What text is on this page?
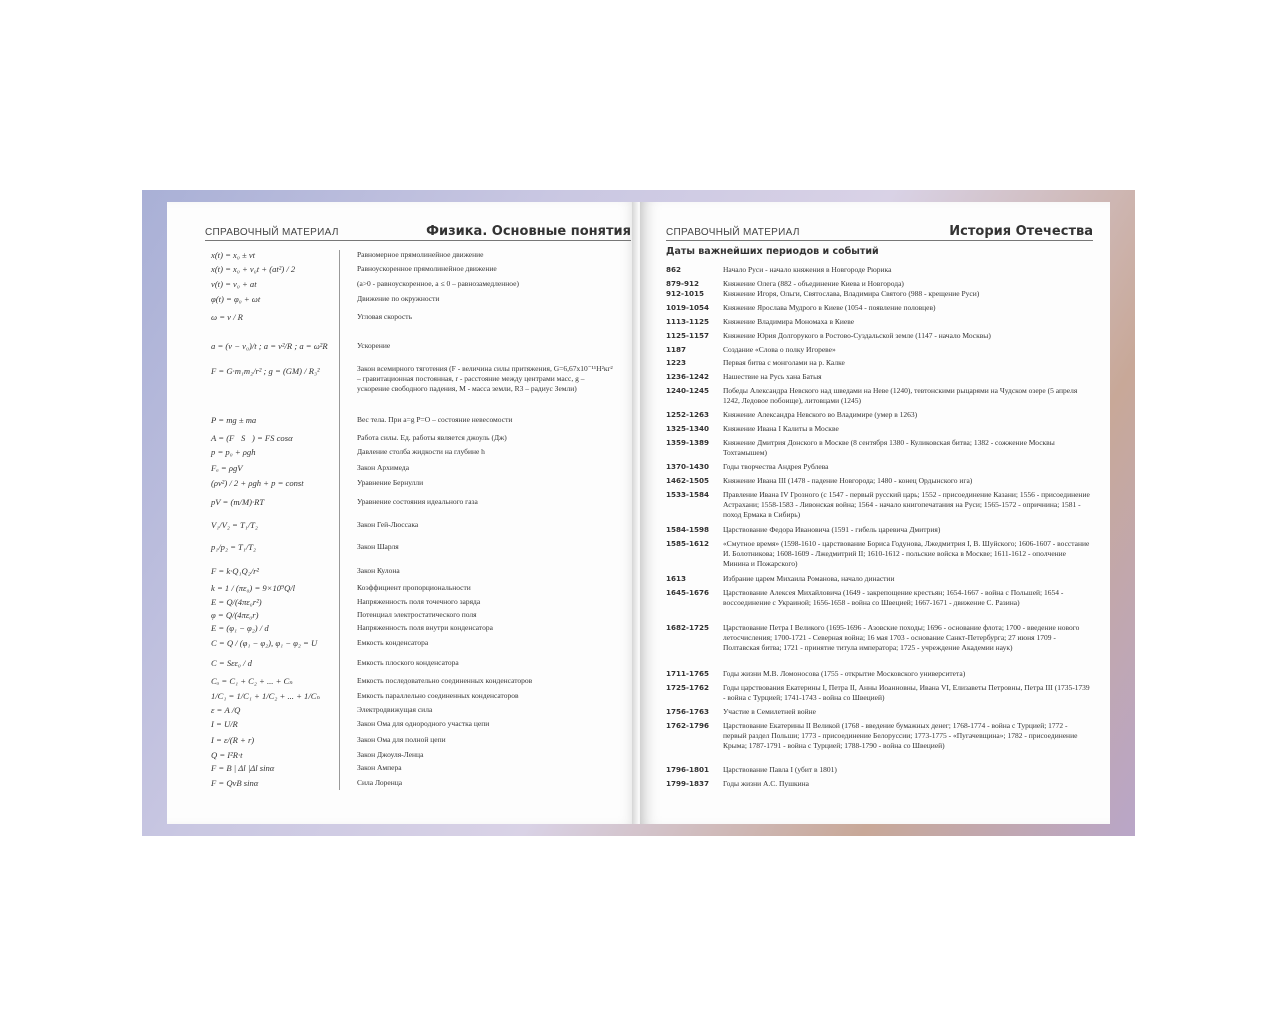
СПРАВОЧНЫЙ МАТЕРИАЛ	Физика. Основные понятия
x(t) = x₀ ± vt	Равномерное прямолинейное движение
x(t) = x₀ + v₀t + (at²) / 2	Равноускоренное прямолинейное движение
v(t) = v₀ + at	(a>0 - равноускоренное, a ≤ 0 – равнозамедленное)
φ(t) = φ₀ + ωt	Движение по окружности
ω = v / R	Угловая скорость
a = (v − v₀)/t ; a = v²/R ; a = ω²R	Ускорение
F = G·m₁m₂/r² ; g = (GM) / R₃²	Закон всемирного тяготения (F - величина силы притяжения, G=6,67x10⁻¹¹Н²кг² – гравитационная постоянная, r - расстояние между центрами масс, g – ускорение свободного падения, M - масса земли, R3 – радиус Земли)
P = mg ± ma	Вес тела. При a=g P=O – состояние невесомости
A = (F⃗S⃗) = FS cosα	Работа силы. Ед. работы является джоуль (Дж)
p = p₀ + ρgh	Давление столба жидкости на глубине h
Fₐ = ρgV	Закон Архимеда
(ρv²) / 2 + ρgh + p = const	Уравнение Бернулли
pV = (m/M)·RT	Уравнение состояния идеального газа
V₁/V₂ = T₁/T₂	Закон Гей-Люссака
p₁/p₂ = T₁/T₂	Закон Шарля
F = k·Q₁Q₂/r²	Закон Кулона
k = 1 / (πε₀) = 9×10⁹Q/l	Коэффициент пропорциональности
E = Q/(4πε₀r²)	Напряженность поля точечного заряда
φ = Q/(4πε₀r)	Потенциал электростатического поля
E = (φ₁ − φ₂) / d	Напряженность поля внутри конденсатора
C = Q / (φ₁ − φ₂), φ₁ − φ₂ = U	Емкость конденсатора
C = Sεε₀ / d	Емкость плоского конденсатора
Cₐ = C₁ + C₂ + ... + Cₙ	Емкость последовательно соединенных конденсаторов
1/C₁ = 1/C₁ + 1/C₂ + ... + 1/Cₙ	Емкость параллельно соединенных конденсаторов
ε = A /Q	Электродвижущая сила
I = U/R	Закон Ома для однородного участка цепи
I = ε/(R + r)	Закон Ома для полной цепи
Q = I²R·t	Закон Джоуля-Ленца
F = B | Δl |Δl sinα	Закон Ампера
F = QvB sinα	Сила Лоренца
СПРАВОЧНЫЙ МАТЕРИАЛ	История Отечества
Даты важнейших периодов и событий
862	Начало Руси - начало княжения в Новгороде Рюрика
879-912	Княжение Олега (882 - объединение Киева и Новгорода)
912-1015	Княжение Игоря, Ольги, Святослава, Владимира Святого (988 - крещение Руси)
1019-1054	Княжение Ярослава Мудрого в Киеве (1054 - появление половцев)
1113-1125	Княжение Владимира Мономаха в Киеве
1125-1157	Княжение Юрия Долгорукого в Ростово-Суздальской земле (1147 - начало Москвы)
1187	Создание «Слова о полку Игореве»
1223	Первая битва с монголами на р. Калке
1236-1242	Нашествие на Русь хана Батыя
1240-1245	Победы Александра Невского над шведами на Неве (1240), тевтонскими рыцарями на Чудском озере (5 апреля 1242, Ледовое побоище), литовцами (1245)
1252-1263	Княжение Александра Невского во Владимире (умер в 1263)
1325-1340	Княжение Ивана I Калиты в Москве
1359-1389	Княжение Дмитрия Донского в Москве (8 сентября 1380 - Куликовская битва; 1382 - сожжение Москвы Тохтамышем)
1370-1430	Годы творчества Андрея Рублева
1462-1505	Княжение Ивана III (1478 - падение Новгорода; 1480 - конец Ордынского ига)
1533-1584	Правление Ивана IV Грозного (с 1547 - первый русский царь; 1552 - присоединение Казани; 1556 - присоединение Астрахани; 1558-1583 - Ливонская война; 1564 - начало книгопечатания на Руси; 1565-1572 - опричнина; 1581 - поход Ермака в Сибирь)
1584-1598	Царствование Федора Ивановича (1591 - гибель царевича Дмитрия)
1585-1612	«Смутное время» (1598-1610 - царствование Бориса Годунова, Лжедмитрия I, В. Шуйского; 1606-1607 - восстание И. Болотникова; 1608-1609 - Лжедмитрий II; 1610-1612 - польские войска в Москве; 1611-1612 - ополчение Минина и Пожарского)
1613	Избрание царем Михаила Романова, начало династии
1645-1676	Царствование Алексея Михайловича (1649 - закрепощение крестьян; 1654-1667 - война с Польшей; 1654 - воссоединение с Украиной; 1656-1658 - война со Швецией; 1667-1671 - движение С. Разина)
1682-1725	Царствование Петра I Великого (1695-1696 - Азовские походы; 1696 - основание флота; 1700 - введение нового летосчисления; 1700-1721 - Северная война; 16 мая 1703 - основание Санкт-Петербурга; 27 июня 1709 - Полтавская битва; 1721 - принятие титула императора; 1725 - учреждение Академии наук)
1711-1765	Годы жизни М.В. Ломоносова (1755 - открытие Московского университета)
1725-1762	Годы царствования Екатерины I, Петра II, Анны Иоанновны, Ивана VI, Елизаветы Петровны, Петра III (1735-1739 - война с Турцией; 1741-1743 - война со Швецией)
1756-1763	Участие в Семилетней войне
1762-1796	Царствование Екатерины II Великой (1768 - введение бумажных денег; 1768-1774 - война с Турцией; 1772 - первый раздел Польши; 1773 - присоединение Белоруссии; 1773-1775 - «Пугачевщина»; 1782 - присоединение Крыма; 1787-1791 - война с Турцией; 1788-1790 - война со Швецией)
1796-1801	Царствование Павла I (убит в 1801)
1799-1837	Годы жизни А.С. Пушкина
